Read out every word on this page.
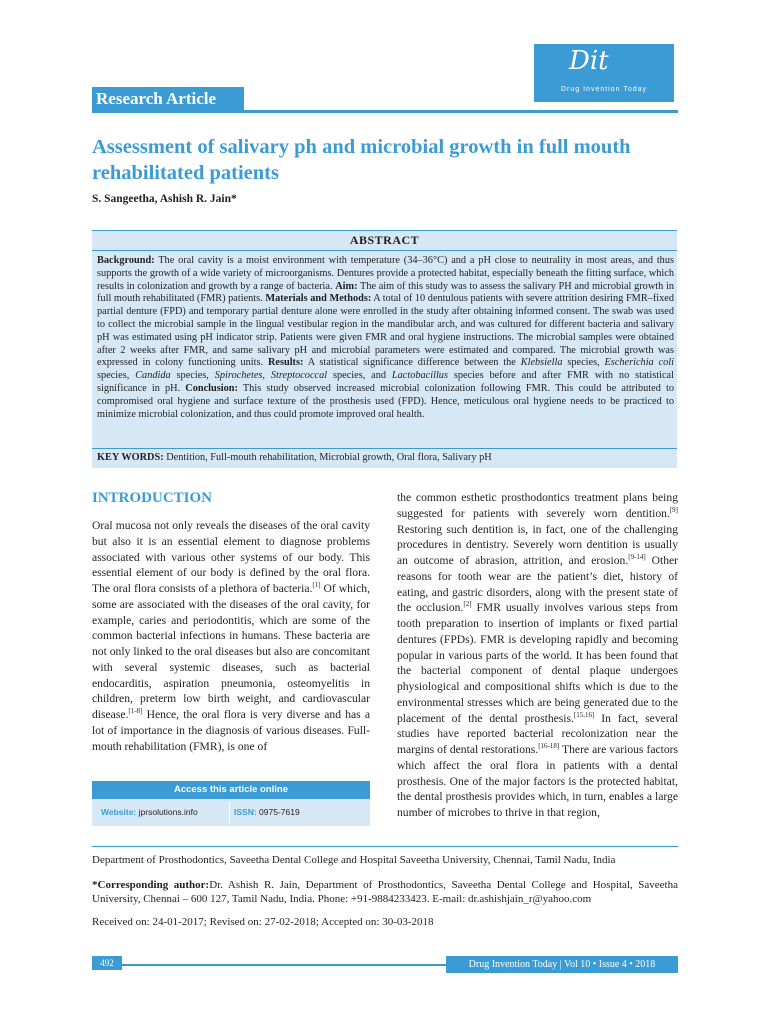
Dit
Drug Invention Today
Research Article
Assessment of salivary ph and microbial growth in full mouth rehabilitated patients
S. Sangeetha, Ashish R. Jain*
ABSTRACT
Background: The oral cavity is a moist environment with temperature (34–36°C) and a pH close to neutrality in most areas, and thus supports the growth of a wide variety of microorganisms. Dentures provide a protected habitat, especially beneath the fitting surface, which results in colonization and growth by a range of bacteria. Aim: The aim of this study was to assess the salivary PH and microbial growth in full mouth rehabilitated (FMR) patients. Materials and Methods: A total of 10 dentulous patients with severe attrition desiring FMR–fixed partial denture (FPD) and temporary partial denture alone were enrolled in the study after obtaining informed consent. The swab was used to collect the microbial sample in the lingual vestibular region in the mandibular arch, and was cultured for different bacteria and salivary pH was estimated using pH indicator strip. Patients were given FMR and oral hygiene instructions. The microbial samples were obtained after 2 weeks after FMR, and same salivary pH and microbial parameters were estimated and compared. The microbial growth was expressed in colony functioning units. Results: A statistical significance difference between the Klebsiella species, Escherichia coli species, Candida species, Spirochetes, Streptococcal species, and Lactobacillus species before and after FMR with no statistical significance in pH. Conclusion: This study observed increased microbial colonization following FMR. This could be attributed to compromised oral hygiene and surface texture of the prosthesis used (FPD). Hence, meticulous oral hygiene needs to be practiced to minimize microbial colonization, and thus could promote improved oral health.
KEY WORDS: Dentition, Full-mouth rehabilitation, Microbial growth, Oral flora, Salivary pH
INTRODUCTION
Oral mucosa not only reveals the diseases of the oral cavity but also it is an essential element to diagnose problems associated with various other systems of our body. This essential element of our body is defined by the oral flora. The oral flora consists of a plethora of bacteria.[1] Of which, some are associated with the diseases of the oral cavity, for example, caries and periodontitis, which are some of the common bacterial infections in humans. These bacteria are not only linked to the oral diseases but also are concomitant with several systemic diseases, such as bacterial endocarditis, aspiration pneumonia, osteomyelitis in children, preterm low birth weight, and cardiovascular disease.[1-8] Hence, the oral flora is very diverse and has a lot of importance in the diagnosis of various diseases. Full-mouth rehabilitation (FMR), is one of
the common esthetic prosthodontics treatment plans being suggested for patients with severely worn dentition.[9] Restoring such dentition is, in fact, one of the challenging procedures in dentistry. Severely worn dentition is usually an outcome of abrasion, attrition, and erosion.[9-14] Other reasons for tooth wear are the patient’s diet, history of eating, and gastric disorders, along with the present state of the occlusion.[2] FMR usually involves various steps from tooth preparation to insertion of implants or fixed partial dentures (FPDs). FMR is developing rapidly and becoming popular in various parts of the world. It has been found that the bacterial component of dental plaque undergoes physiological and compositional shifts which is due to the environmental stresses which are being generated due to the placement of the dental prosthesis.[15,16] In fact, several studies have reported bacterial recolonization near the margins of dental restorations.[16-18] There are various factors which affect the oral flora in patients with a dental prosthesis. One of the major factors is the protected habitat, the dental prosthesis provides which, in turn, enables a large number of microbes to thrive in that region,
Access this article online
Website: jprsolutions.info	ISSN: 0975-7619
Department of Prosthodontics, Saveetha Dental College and Hospital Saveetha University, Chennai, Tamil Nadu, India
*Corresponding author:Dr. Ashish R. Jain, Department of Prosthodontics, Saveetha Dental College and Hospital, Saveetha University, Chennai – 600 127, Tamil Nadu, India. Phone: +91-9884233423. E-mail: dr.ashishjain_r@yahoo.com
Received on: 24-01-2017; Revised on: 27-02-2018; Accepted on: 30-03-2018
492	Drug Invention Today | Vol 10 • Issue 4 • 2018
